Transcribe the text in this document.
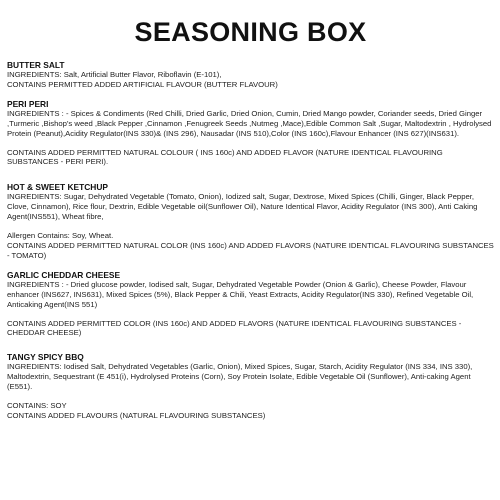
SEASONING BOX
BUTTER SALT

INGREDIENTS: Salt, Artificial Butter Flavor, Riboflavin (E-101),

CONTAINS PERMITTED ADDED ARTIFICIAL FLAVOUR (BUTTER FLAVOUR)

PERI PERI

INGREDIENTS : - Spices & Condiments (Red Chilli, Dried Garlic, Dried Onion, Cumin, Dried Mango powder, Coriander seeds, Dried Ginger ,Turmeric ,Bishop's weed ,Black Pepper ,Cinnamon ,Fenugreek Seeds ,Nutmeg ,Mace),Edible Common Salt ,Sugar, Maltodextrin , Hydrolysed Protein (Peanut),Acidity Regulator(INS 330)& (INS 296), Nausadar (INS 510),Color (INS 160c),Flavour Enhancer (INS 627)(INS631).

CONTAINS ADDED PERMITTED NATURAL COLOUR ( INS 160c) AND ADDED FLAVOR (NATURE IDENTICAL FLAVOURING SUBSTANCES - PERI PERI).

HOT & SWEET KETCHUP

INGREDIENTS: Sugar, Dehydrated Vegetable (Tomato, Onion), Iodized salt, Sugar, Dextrose, Mixed Spices (Chilli, Ginger, Black Pepper, Clove, Cinnamon), Rice flour, Dextrin, Edible Vegetable oil(Sunflower Oil), Nature Identical Flavor, Acidity Regulator (INS 300), Anti Caking Agent(INS551), Wheat fibre,

Allergen Contains: Soy, Wheat.
CONTAINS ADDED PERMITTED NATURAL COLOR (INS 160c) AND ADDED FLAVORS (NATURE IDENTICAL FLAVOURING SUBSTANCES - TOMATO)

GARLIC CHEDDAR CHEESE

INGREDIENTS : - Dried glucose powder, Iodised salt, Sugar, Dehydrated Vegetable Powder (Onion & Garlic), Cheese Powder, Flavour enhancer (INS627, INS631), Mixed Spices (5%), Black Pepper & Chili, Yeast Extracts, Acidity Regulator(INS 330), Refined Vegetable Oil, Anticaking Agent(INS 551)

CONTAINS ADDED PERMITTED COLOR (INS 160c) AND ADDED FLAVORS (NATURE IDENTICAL FLAVOURING SUBSTANCES - CHEDDAR CHEESE)

TANGY SPICY BBQ

INGREDIENTS: Iodised Salt, Dehydrated Vegetables (Garlic, Onion), Mixed Spices, Sugar, Starch, Acidity Regulator (INS 334, INS 330), Maltodextrin, Sequestrant (E 451(i), Hydrolysed Proteins (Corn), Soy Protein Isolate, Edible Vegetable Oil (Sunflower), Anti-caking Agent (E551).

CONTAINS: SOY
CONTAINS ADDED FLAVOURS (NATURAL FLAVOURING SUBSTANCES)
